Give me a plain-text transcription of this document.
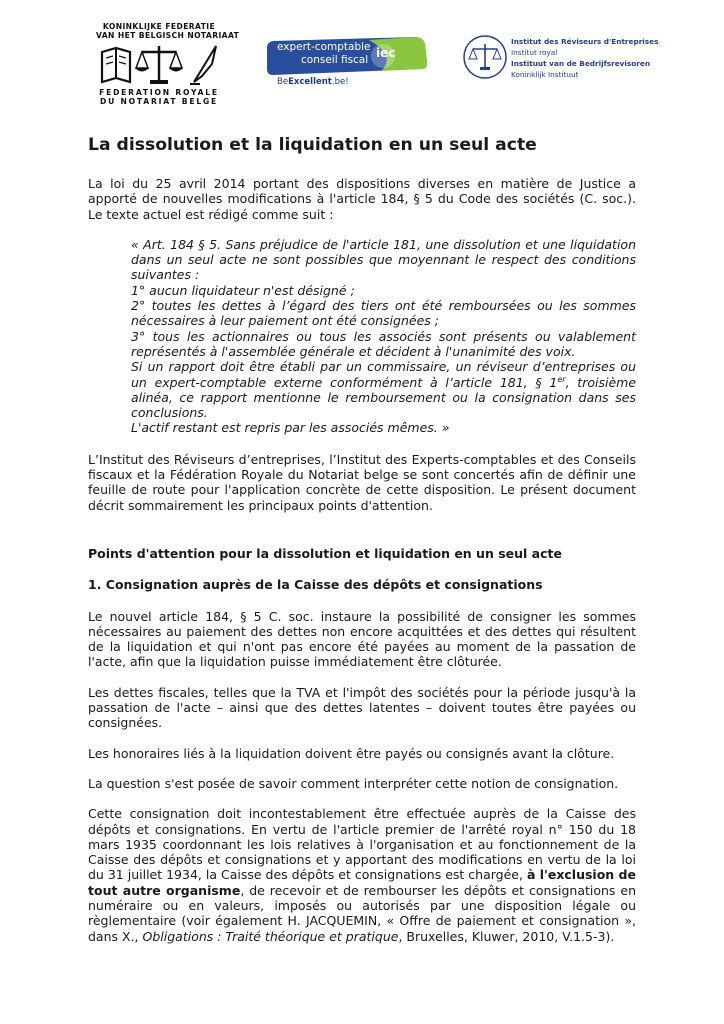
KONINKLIJKE FEDERATIE
VAN HET BELGISCH NOTARIAAT
FEDERATION ROYALE
DU NOTARIAT BELGE
expert-comptable
conseil fiscal iec
BeExcellent.be!
Institut des Réviseurs d'Entreprises
Institut royal
Instituut van de Bedrijfsrevisoren
Koninklijk Instituut
La dissolution et la liquidation en un seul acte

La loi du 25 avril 2014 portant des dispositions diverses en matière de Justice a apporté de nouvelles modifications à l'article 184, § 5 du Code des sociétés (C. soc.). Le texte actuel est rédigé comme suit :

« Art. 184 § 5. Sans préjudice de l'article 181, une dissolution et une liquidation dans un seul acte ne sont possibles que moyennant le respect des conditions suivantes :
1° aucun liquidateur n'est désigné ;
2° toutes les dettes à l’égard des tiers ont été remboursées ou les sommes nécessaires à leur paiement ont été consignées ;
3° tous les actionnaires ou tous les associés sont présents ou valablement représentés à l'assemblée générale et décident à l'unanimité des voix.
Si un rapport doit être établi par un commissaire, un réviseur d’entreprises ou un expert-comptable externe conformément à l’article 181, § 1er, troisième alinéa, ce rapport mentionne le remboursement ou la consignation dans ses conclusions.
L'actif restant est repris par les associés mêmes. »

L’Institut des Réviseurs d’entreprises, l’Institut des Experts-comptables et des Conseils fiscaux et la Fédération Royale du Notariat belge se sont concertés afin de définir une feuille de route pour l'application concrète de cette disposition. Le présent document décrit sommairement les principaux points d'attention.

Points d'attention pour la dissolution et liquidation en un seul acte
1. Consignation auprès de la Caisse des dépôts et consignations

Le nouvel article 184, § 5 C. soc. instaure la possibilité de consigner les sommes nécessaires au paiement des dettes non encore acquittées et des dettes qui résultent de la liquidation et qui n'ont pas encore été payées au moment de la passation de l'acte, afin que la liquidation puisse immédiatement être clôturée.

Les dettes fiscales, telles que la TVA et l'impôt des sociétés pour la période jusqu'à la passation de l'acte – ainsi que des dettes latentes – doivent toutes être payées ou consignées.

Les honoraires liés à la liquidation doivent être payés ou consignés avant la clôture.

La question s'est posée de savoir comment interpréter cette notion de consignation.

Cette consignation doit incontestablement être effectuée auprès de la Caisse des dépôts et consignations. En vertu de l'article premier de l'arrêté royal n° 150 du 18 mars 1935 coordonnant les lois relatives à l'organisation et au fonctionnement de la Caisse des dépôts et consignations et y apportant des modifications en vertu de la loi du 31 juillet 1934, la Caisse des dépôts et consignations est chargée, à l'exclusion de tout autre organisme, de recevoir et de rembourser les dépôts et consignations en numéraire ou en valeurs, imposés ou autorisés par une disposition légale ou règlementaire (voir également H. JACQUEMIN, « Offre de paiement et consignation », dans X., Obligations : Traité théorique et pratique, Bruxelles, Kluwer, 2010, V.1.5-3).
